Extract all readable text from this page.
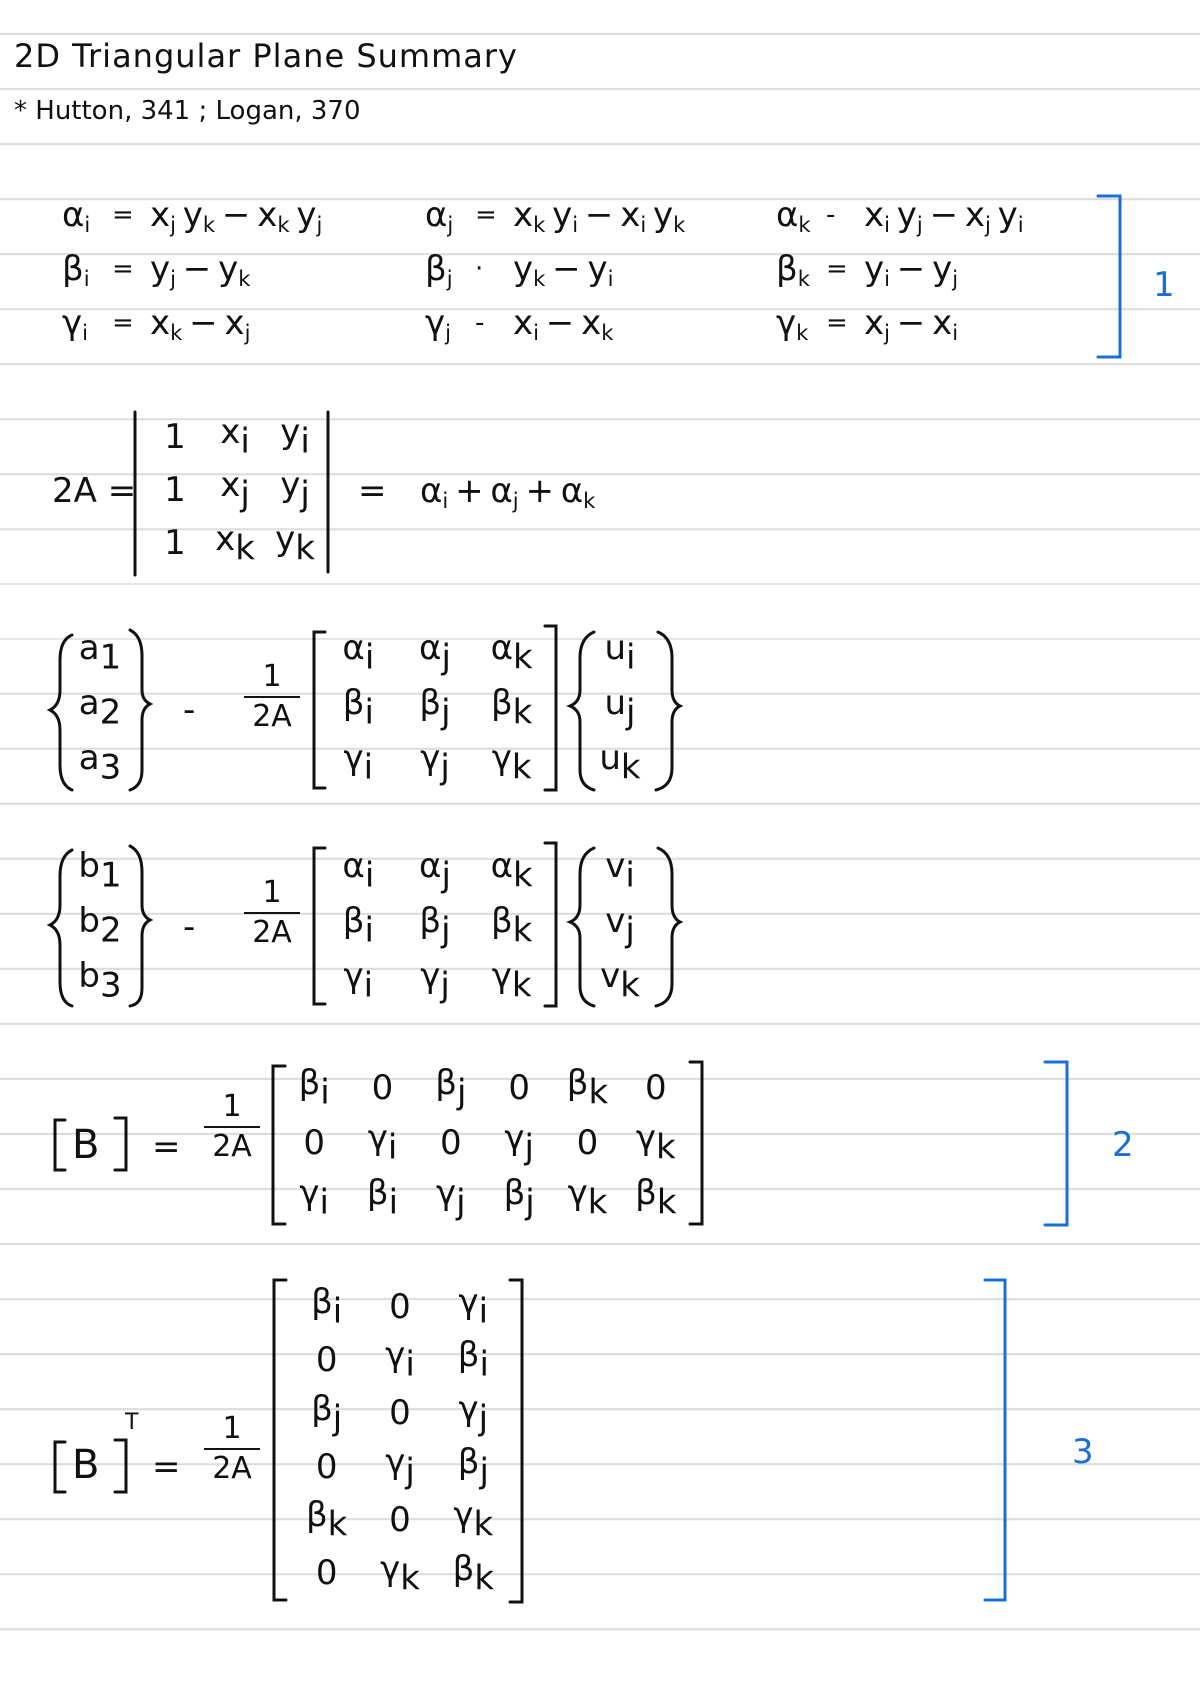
2D Triangular Plane Summary
* Hutton, 341 ; Logan, 370
$\alpha_i = x_j$  $y_k - x_k$  $y_j$
$\beta_i = y_j - y_k$
$\gamma_i = x_k - x_j$
$\alpha_j = x_k$  $y_i - x_i$  $y_k$
$\beta_j \cdot y_k - y_i$
$\gamma_j - x_i - x_k$
$\alpha_k - x_i$  $y_j - x_j$  $y_i$
$\beta_k = y_i - y_j$
$\gamma_k = x_j - x_i$
2A =
1 xi yi
1 xj yj
1 xk yk
= $\alpha_i + \alpha_j + \alpha_k$
a1
a2
a3
-
1
2A
αi αj αk
βi βj βk
γi γj γk
ui
uj
uk
b1
b2
b3
-
1
2A
αi αj αk
βi βj βk
γi γj γk
vi
vj
vk
B =
1
2A
βi 0 βj 0 βk 0
0 γi 0 γj 0 γk
γi βi γj βj γk βk
B
T
=
1
2A
βi 0 γi
0 γi βi
βj 0 γj
0 γj βj
βk 0 γk
0 γk βk
1
2
3
